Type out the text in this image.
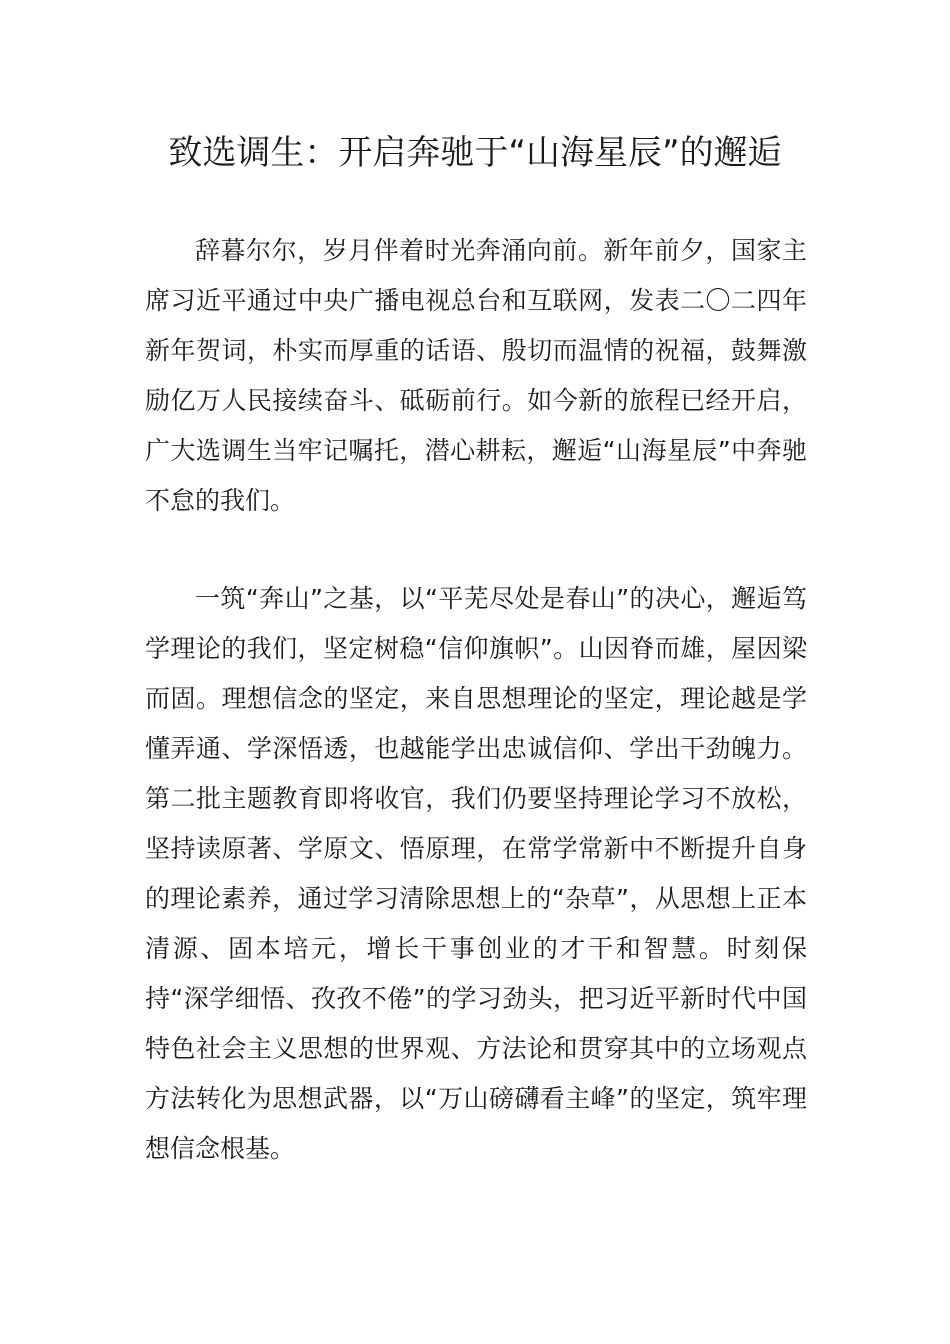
致选调生：开启奔驰于“山海星辰”的邂逅

辞暮尔尔，岁月伴着时光奔涌向前。新年前夕，国家主席习近平通过中央广播电视总台和互联网，发表二〇二四年新年贺词，朴实而厚重的话语、殷切而温情的祝福，鼓舞激励亿万人民接续奋斗、砥砺前行。如今新的旅程已经开启，广大选调生当牢记嘱托，潜心耕耘，邂逅“山海星辰”中奔驰不怠的我们。

一筑“奔山”之基，以“平芜尽处是春山”的决心，邂逅笃学理论的我们，坚定树稳“信仰旗帜”。山因脊而雄，屋因梁而固。理想信念的坚定，来自思想理论的坚定，理论越是学懂弄通、学深悟透，也越能学出忠诚信仰、学出干劲魄力。第二批主题教育即将收官，我们仍要坚持理论学习不放松，坚持读原著、学原文、悟原理，在常学常新中不断提升自身的理论素养，通过学习清除思想上的“杂草”，从思想上正本清源、固本培元，增长干事创业的才干和智慧。时刻保持“深学细悟、孜孜不倦”的学习劲头，把习近平新时代中国特色社会主义思想的世界观、方法论和贯穿其中的立场观点方法转化为思想武器，以“万山磅礴看主峰”的坚定，筑牢理想信念根基。
